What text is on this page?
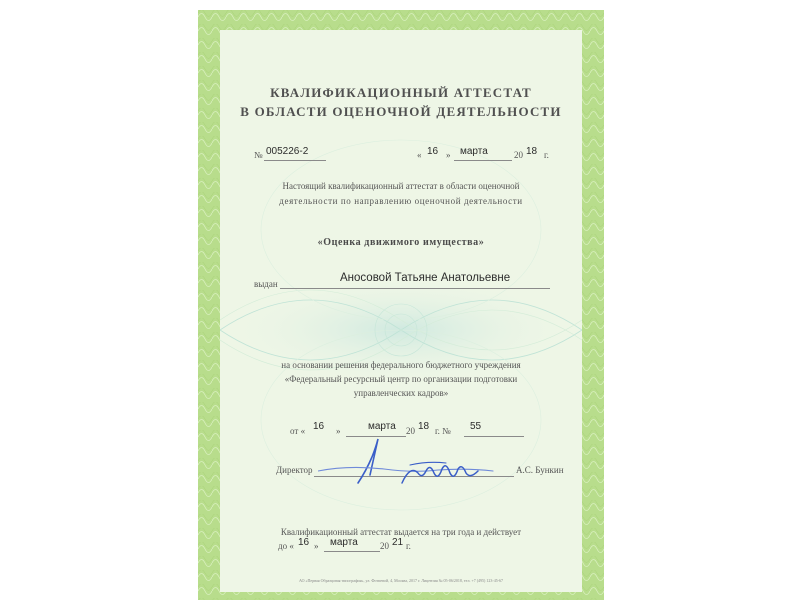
КВАЛИФИКАЦИОННЫЙ АТТЕСТАТ
В ОБЛАСТИ ОЦЕНОЧНОЙ ДЕЯТЕЛЬНОСТИ
№ 005226-2	« 16 » марта	20 18 г.
Настоящий квалификационный аттестат в области оценочной
деятельности по направлению оценочной деятельности
«Оценка движимого имущества»
выдан	Аносовой Татьяне Анатольевне
на основании решения федерального бюджетного учреждения
«Федеральный ресурсный центр по организации подготовки
управленческих кадров»
от « 16 »	марта 20 18 г. № 55
Директор	А.С. Бункин
Квалификационный аттестат выдается на три года и действует
до « 16 » марта 20 21 г.
АО «Первая Образцовая типография», ул. Фотиевой, 4, Москва, 2017 г. Лицензия № 05-06/2018, тел. +7 (495) 123-45-67
